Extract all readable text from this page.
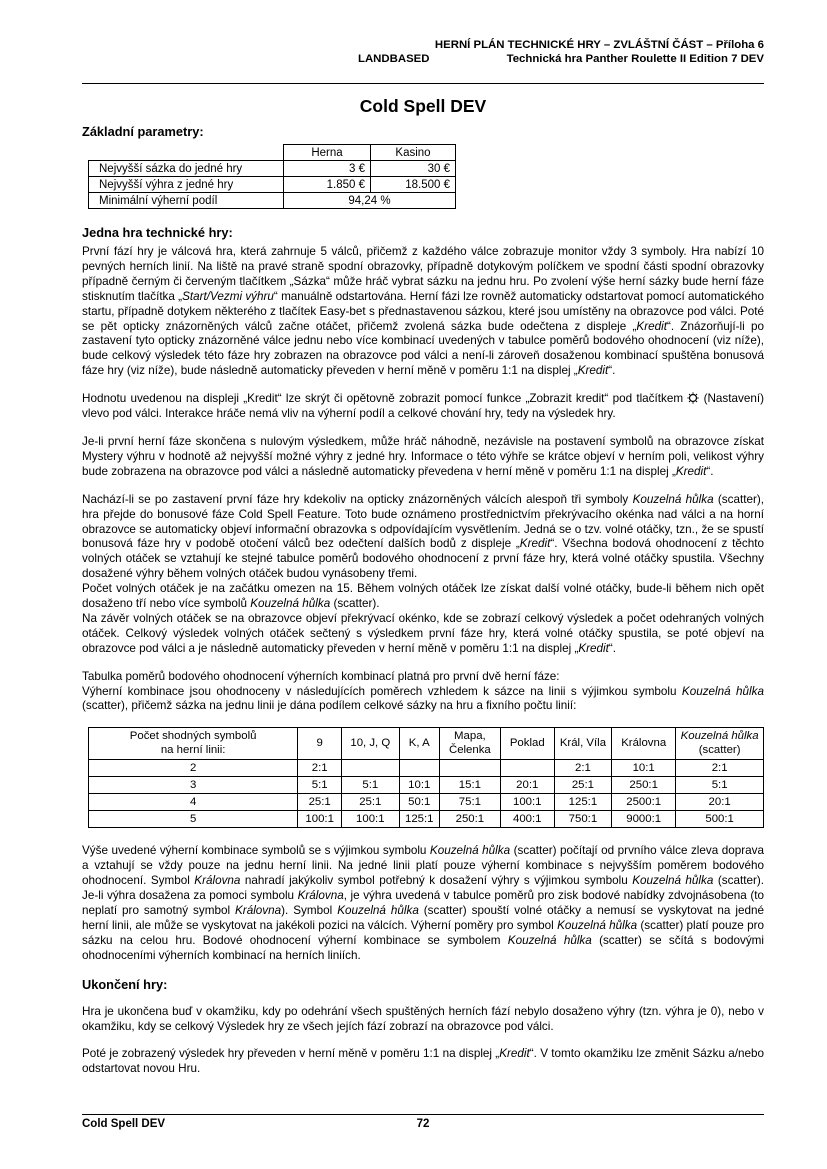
HERNÍ PLÁN TECHNICKÉ HRY – ZVLÁŠTNÍ ČÁST – Příloha 6
LANDBASED	Technická hra Panther Roulette II Edition 7 DEV
Cold Spell DEV
Základní parametry:
	Herna	Kasino
Nejvyšší sázka do jedné hry	3 €	30 €
Nejvyšší výhra z jedné hry	1.850 €	18.500 €
Minimální výherní podíl	94,24 %	
Jedna hra technické hry:

První fází hry je válcová hra, která zahrnuje 5 válců, přičemž z každého válce zobrazuje monitor vždy 3 symboly. Hra nabízí 10 pevných herních linií. Na liště na pravé straně spodní obrazovky, případně dotykovým políčkem ve spodní části spodní obrazovky případně černým či červeným tlačítkem „Sázka“ může hráč vybrat sázku na jednu hru. Po zvolení výše herní sázky bude herní fáze stisknutím tlačítka „Start/Vezmi výhru“ manuálně odstartována. Herní fázi lze rovněž automaticky odstartovat pomocí automatického startu, případně dotykem některého z tlačítek Easy-bet s přednastavenou sázkou, které jsou umístěny na obrazovce pod válci. Poté se pět opticky znázorněných válců začne otáčet, přičemž zvolená sázka bude odečtena z displeje „Kredit“. Znázorňují-li po zastavení tyto opticky znázorněné válce jednu nebo více kombinací uvedených v tabulce poměrů bodového ohodnocení (viz níže), bude celkový výsledek této fáze hry zobrazen na obrazovce pod válci a není-li zároveň dosaženou kombinací spuštěna bonusová fáze hry (viz níže), bude následně automaticky převeden v herní měně v poměru 1:1 na displej „Kredit“.

Hodnotu uvedenou na displeji „Kredit“ lze skrýt či opětovně zobrazit pomocí funkce „Zobrazit kredit“ pod tlačítkem
(Nastavení) vlevo pod válci. Interakce hráče nemá vliv na výherní podíl a celkové chování hry, tedy na výsledek hry.

Je-li první herní fáze skončena s nulovým výsledkem, může hráč náhodně, nezávisle na postavení symbolů na obrazovce získat Mystery výhru v hodnotě až nejvyšší možné výhry z jedné hry. Informace o této výhře se krátce objeví v herním poli, velikost výhry bude zobrazena na obrazovce pod válci a následně automaticky převedena v herní měně v poměru 1:1 na displej „Kredit“.

Nachází-li se po zastavení první fáze hry kdekoliv na opticky znázorněných válcích alespoň tři symboly Kouzelná hůlka (scatter), hra přejde do bonusové fáze Cold Spell Feature. Toto bude oznámeno prostřednictvím překrývacího okénka nad válci a na horní obrazovce se automaticky objeví informační obrazovka s odpovídajícím vysvětlením. Jedná se o tzv. volné otáčky, tzn., že se spustí bonusová fáze hry v podobě otočení válců bez odečtení dalších bodů z displeje „Kredit“. Všechna bodová ohodnocení z těchto volných otáček se vztahují ke stejné tabulce poměrů bodového ohodnocení z první fáze hry, která volné otáčky spustila. Všechny dosažené výhry během volných otáček budou vynásobeny třemi.

Počet volných otáček je na začátku omezen na 15. Během volných otáček lze získat další volné otáčky, bude-li během nich opět dosaženo tří nebo více symbolů Kouzelná hůlka (scatter).

Na závěr volných otáček se na obrazovce objeví překrývací okénko, kde se zobrazí celkový výsledek a počet odehraných volných otáček. Celkový výsledek volných otáček sečtený s výsledkem první fáze hry, která volné otáčky spustila, se poté objeví na obrazovce pod válci a je následně automaticky převeden v herní měně v poměru 1:1 na displej „Kredit“.

Tabulka poměrů bodového ohodnocení výherních kombinací platná pro první dvě herní fáze:

Výherní kombinace jsou ohodnoceny v následujících poměrech vzhledem k sázce na linii s výjimkou symbolu Kouzelná hůlka (scatter), přičemž sázka na jednu linii je dána podílem celkové sázky na hru a fixního počtu linií:

Počet shodných symbolů
na herní linii:	9	10, J, Q	K, A	Mapa,
Čelenka	Poklad	Král, Víla	Královna	Kouzelná hůlka
(scatter)
2	2:1					2:1	10:1	2:1
3	5:1	5:1	10:1	15:1	20:1	25:1	250:1	5:1
4	25:1	25:1	50:1	75:1	100:1	125:1	2500:1	20:1
5	100:1	100:1	125:1	250:1	400:1	750:1	9000:1	500:1

Výše uvedené výherní kombinace symbolů se s výjimkou symbolu Kouzelná hůlka (scatter) počítají od prvního válce zleva doprava a vztahují se vždy pouze na jednu herní linii. Na jedné linii platí pouze výherní kombinace s nejvyšším poměrem bodového ohodnocení. Symbol Královna nahradí jakýkoliv symbol potřebný k dosažení výhry s výjimkou symbolu Kouzelná hůlka (scatter). Je-li výhra dosažena za pomoci symbolu Královna, je výhra uvedená v tabulce poměrů pro zisk bodové nabídky zdvojnásobena (to neplatí pro samotný symbol Královna). Symbol Kouzelná hůlka (scatter) spouští volné otáčky a nemusí se vyskytovat na jedné herní linii, ale může se vyskytovat na jakékoli pozici na válcích. Výherní poměry pro symbol Kouzelná hůlka (scatter) platí pouze pro sázku na celou hru. Bodové ohodnocení výherní kombinace se symbolem Kouzelná hůlka (scatter) se sčítá s bodovými ohodnoceními výherních kombinací na herních liniích.

Ukončení hry:

Hra je ukončena buď v okamžiku, kdy po odehrání všech spuštěných herních fází nebylo dosaženo výhry (tzn. výhra je 0), nebo v okamžiku, kdy se celkový Výsledek hry ze všech jejích fází zobrazí na obrazovce pod válci.

Poté je zobrazený výsledek hry převeden v herní měně v poměru 1:1 na displej „Kredit“. V tomto okamžiku lze změnit Sázku a/nebo odstartovat novou Hru.

Cold Spell DEV	72
